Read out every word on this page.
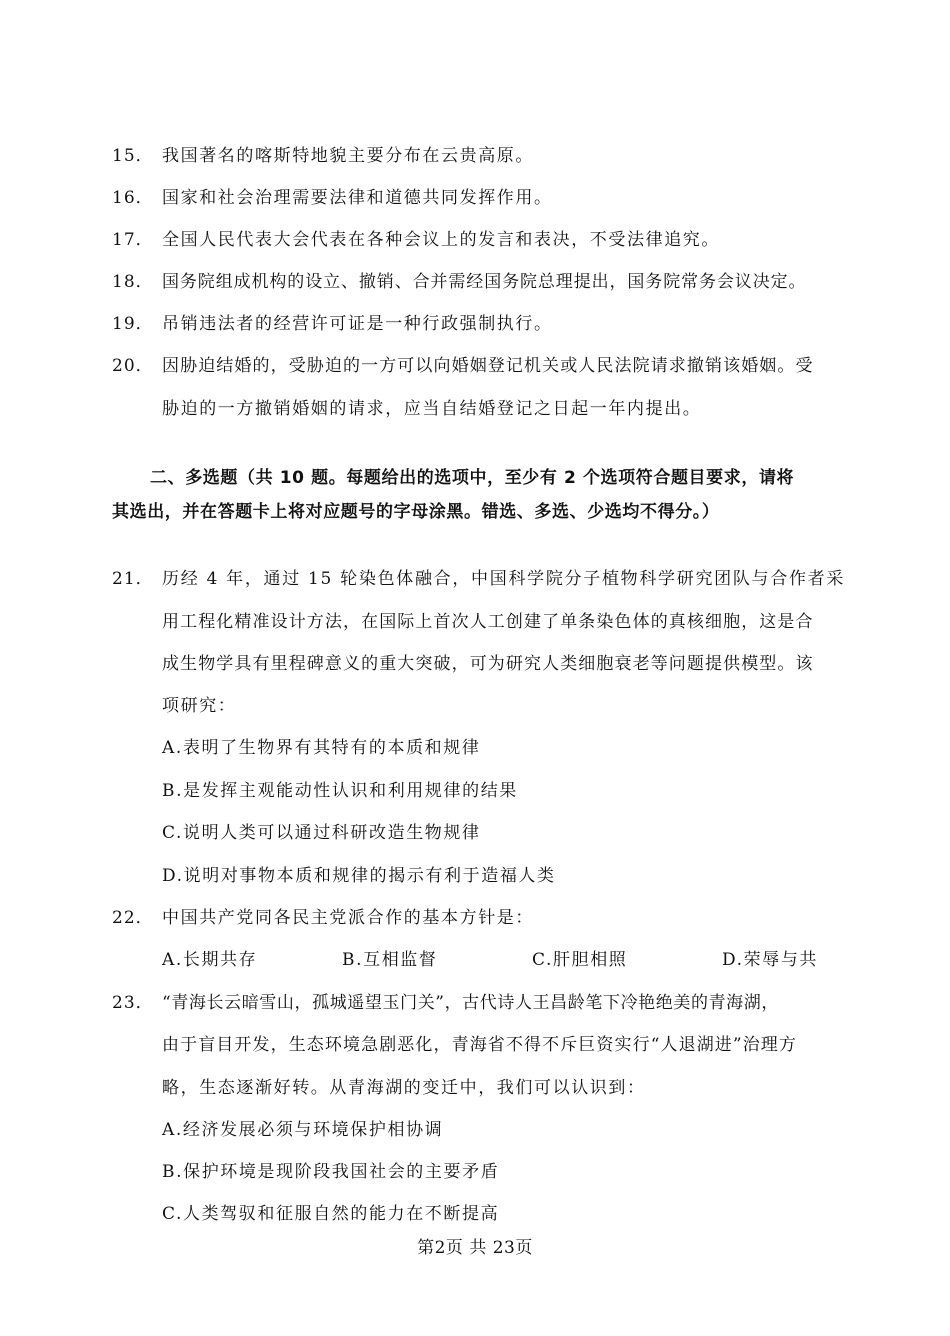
15． 我国著名的喀斯特地貌主要分布在云贵高原。
16． 国家和社会治理需要法律和道德共同发挥作用。
17． 全国人民代表大会代表在各种会议上的发言和表决，不受法律追究。
18． 国务院组成机构的设立、撤销、合并需经国务院总理提出，国务院常务会议决定。
19． 吊销违法者的经营许可证是一种行政强制执行。
20． 因胁迫结婚的，受胁迫的一方可以向婚姻登记机关或人民法院请求撤销该婚姻。受
胁迫的一方撤销婚姻的请求，应当自结婚登记之日起一年内提出。
二、多选题（共 10 题。每题给出的选项中，至少有 2 个选项符合题目要求，请将
其选出，并在答题卡上将对应题号的字母涂黑。错选、多选、少选均不得分。）
21． 历经 4 年，通过 15 轮染色体融合，中国科学院分子植物科学研究团队与合作者采
用工程化精准设计方法，在国际上首次人工创建了单条染色体的真核细胞，这是合
成生物学具有里程碑意义的重大突破，可为研究人类细胞衰老等问题提供模型。该
项研究：
A.表明了生物界有其特有的本质和规律
B.是发挥主观能动性认识和利用规律的结果
C.说明人类可以通过科研改造生物规律
D.说明对事物本质和规律的揭示有利于造福人类
22． 中国共产党同各民主党派合作的基本方针是：
A.长期共存	B.互相监督	C.肝胆相照	D.荣辱与共
23． “青海长云暗雪山，孤城遥望玉门关”，古代诗人王昌龄笔下冷艳绝美的青海湖，
由于盲目开发，生态环境急剧恶化，青海省不得不斥巨资实行“人退湖进”治理方
略，生态逐渐好转。从青海湖的变迁中，我们可以认识到：
A.经济发展必须与环境保护相协调
B.保护环境是现阶段我国社会的主要矛盾
C.人类驾驭和征服自然的能力在不断提高
第2页 共 23页
